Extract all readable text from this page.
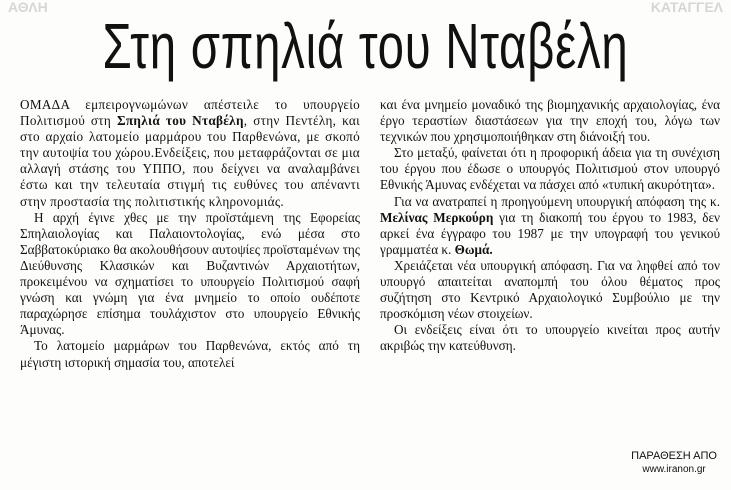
ΑΘΛΗ	ΚΑΤΑΓΓΕΛ
Στη σπηλιά του Νταβέλη

ΟΜΑΔΑ εμπειρογνωμώνων απέστειλε το υπουργείο Πολιτισμού στη Σπηλιά του Νταβέλη, στην Πεντέλη, και στο αρχαίο λατομείο μαρμάρου του Παρθενώνα, με σκοπό την αυτοψία του χώρου.Ενδείξεις, που μεταφράζονται σε μια αλλαγή στάσης του ΥΠΠΟ, που δείχνει να αναλαμβάνει έστω και την τελευταία στιγμή τις ευθύνες του απέναντι στην προστασία της πολιτιστικής κληρονομιάς.

Η αρχή έγινε χθες με την προϊστάμενη της Εφορείας Σπηλαιολογίας και Παλαιοντολογίας, ενώ μέσα στο Σαββατοκύριακο θα ακολουθήσουν αυτοψίες προϊσταμένων της Διεύθυνσης Κλασικών και Βυζαντινών Αρχαιοτήτων, προκειμένου να σχηματίσει το υπουργείο Πολιτισμού σαφή γνώση και γνώμη για ένα μνημείο το οποίο ουδέποτε παραχώρησε επίσημα τουλάχιστον στο υπουργείο Εθνικής Άμυνας.

Το λατομείο μαρμάρων του Παρθενώνα, εκτός από τη μέγιστη ιστορική σημασία του, αποτελεί

και ένα μνημείο μοναδικό της βιομηχανικής αρχαιολογίας, ένα έργο τεραστίων διαστάσεων για την εποχή του, λόγω των τεχνικών που χρησιμοποιήθηκαν στη διάνοιξή του.

Στο μεταξύ, φαίνεται ότι η προφορική άδεια για τη συνέχιση του έργου που έδωσε ο υπουργός Πολιτισμού στον υπουργό Εθνικής Άμυνας ενδέχεται να πάσχει από «τυπική ακυρότητα».

Για να ανατραπεί η προηγούμενη υπουργική απόφαση της κ. Μελίνας Μερκούρη για τη διακοπή του έργου το 1983, δεν αρκεί ένα έγγραφο του 1987 με την υπογραφή του γενικού γραμματέα κ. Θωμά.

Χρειάζεται νέα υπουργική απόφαση. Για να ληφθεί από τον υπουργό απαιτείται αναπομπή του όλου θέματος προς συζήτηση στο Κεντρικό Αρχαιολογικό Συμβούλιο με την προσκόμιση νέων στοιχείων.

Οι ενδείξεις είναι ότι το υπουργείο κινείται προς αυτήν ακριβώς την κατεύθυνση.

ΠΑΡΑΘΕΣΗ ΑΠΟ
www.iranon.gr
